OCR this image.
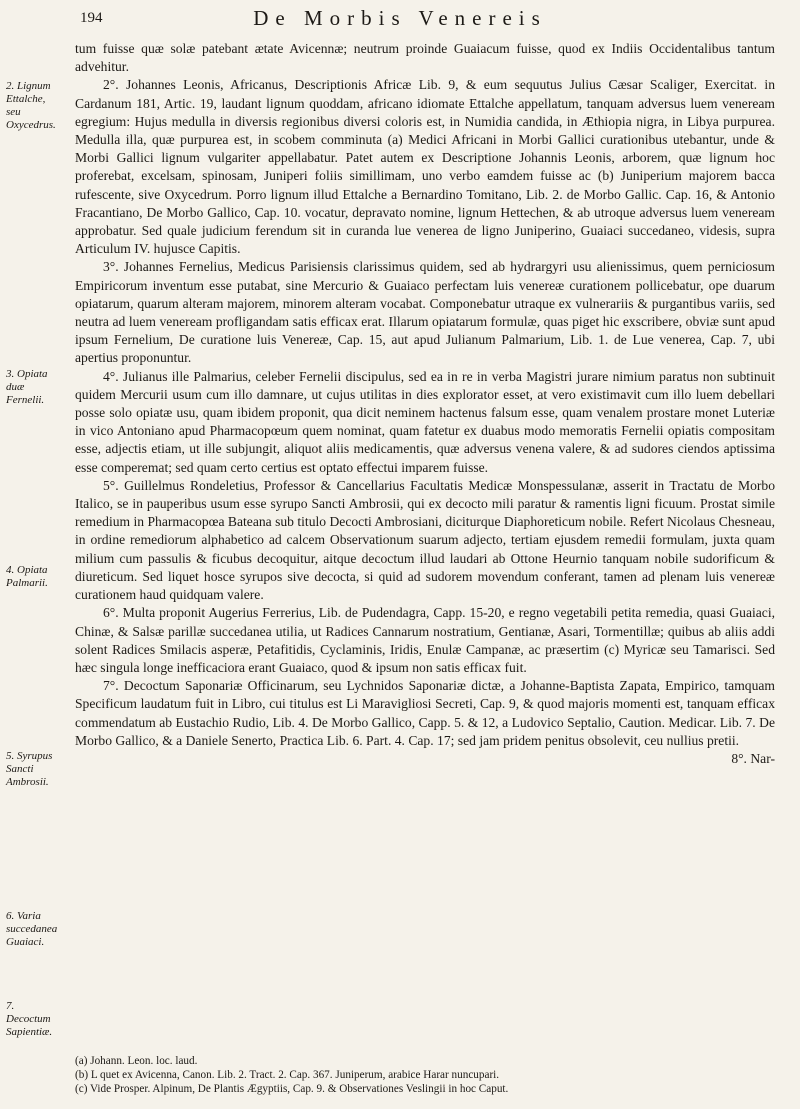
194	De Morbis Venereis
2. Lignum Ettalche, seu Oxycedrus.
3. Opiata duæ Fernelii.
4. Opiata Palmarii.
5. Syrupus Sancti Ambrosii.
6. Varia succedanea Guaiaci.
7. Decoctum Sapientiæ.

tum fuisse quæ solæ patebant ætate Avicennæ; neutrum proinde Guaiacum fuisse, quod ex Indiis Occidentalibus tantum advehitur.

2°. Johannes Leonis, Africanus, Descriptionis Africæ Lib. 9, & eum sequutus Julius Cæsar Scaliger, Exercitat. in Cardanum 181, Artic. 19, laudant lignum quoddam, africano idiomate Ettalche appellatum, tanquam adversus luem veneream egregium: Hujus medulla in diversis regionibus diversi coloris est, in Numidia candida, in Æthiopia nigra, in Libya purpurea. Medulla illa, quæ purpurea est, in scobem comminuta (a) Medici Africani in Morbi Gallici curationibus utebantur, unde & Morbi Gallici lignum vulgariter appellabatur. Patet autem ex Descriptione Johannis Leonis, arborem, quæ lignum hoc proferebat, excelsam, spinosam, Juniperi foliis simillimam, uno verbo eamdem fuisse ac (b) Juniperium majorem bacca rufescente, sive Oxycedrum. Porro lignum illud Ettalche a Bernardino Tomitano, Lib. 2. de Morbo Gallic. Cap. 16, & Antonio Fracantiano, De Morbo Gallico, Cap. 10. vocatur, depravato nomine, lignum Hettechen, & ab utroque adversus luem veneream approbatur. Sed quale judicium ferendum sit in curanda lue venerea de ligno Juniperino, Guaiaci succedaneo, videsis, supra Articulum IV. hujusce Capitis.

3°. Johannes Fernelius, Medicus Parisiensis clarissimus quidem, sed ab hydrargyri usu alienissimus, quem perniciosum Empiricorum inventum esse putabat, sine Mercurio & Guaiaco perfectam luis venereæ curationem pollicebatur, ope duarum opiatarum, quarum alteram majorem, minorem alteram vocabat. Componebatur utraque ex vulnerariis & purgantibus variis, sed neutra ad luem veneream profligandam satis efficax erat. Illarum opiatarum formulæ, quas piget hic exscribere, obviæ sunt apud ipsum Fernelium, De curatione luis Venereæ, Cap. 15, aut apud Julianum Palmarium, Lib. 1. de Lue venerea, Cap. 7, ubi apertius proponuntur.

4°. Julianus ille Palmarius, celeber Fernelii discipulus, sed ea in re in verba Magistri jurare nimium paratus non subtinuit quidem Mercurii usum cum illo damnare, ut cujus utilitas in dies explorator esset, at vero existimavit cum illo luem debellari posse solo opiatæ usu, quam ibidem proponit, qua dicit neminem hactenus falsum esse, quam venalem prostare monet Luteriæ in vico Antoniano apud Pharmacopœum quem nominat, quam fatetur ex duabus modo memoratis Fernelii opiatis compositam esse, adjectis etiam, ut ille subjungit, aliquot aliis medicamentis, quæ adversus venena valere, & ad sudores ciendos aptissima esse comperemat; sed quam certo certius est optato effectui imparem fuisse.

5°. Guillelmus Rondeletius, Professor & Cancellarius Facultatis Medicæ Monspessulanæ, asserit in Tractatu de Morbo Italico, se in pauperibus usum esse syrupo Sancti Ambrosii, qui ex decocto mili paratur & ramentis ligni ficuum. Prostat simile remedium in Pharmacopœa Bateana sub titulo Decocti Ambrosiani, diciturque Diaphoreticum nobile. Refert Nicolaus Chesneau, in ordine remediorum alphabetico ad calcem Observationum suarum adjecto, tertiam ejusdem remedii formulam, juxta quam milium cum passulis & ficubus decoquitur, aitque decoctum illud laudari ab Ottone Heurnio tanquam nobile sudorificum & diureticum. Sed liquet hosce syrupos sive decocta, si quid ad sudorem movendum conferant, tamen ad plenam luis venereæ curationem haud quidquam valere.

6°. Multa proponit Augerius Ferrerius, Lib. de Pudendagra, Capp. 15-20, e regno vegetabili petita remedia, quasi Guaiaci, Chinæ, & Salsæ parillæ succedanea utilia, ut Radices Cannarum nostratium, Gentianæ, Asari, Tormentillæ; quibus ab aliis addi solent Radices Smilacis asperæ, Petafitidis, Cyclaminis, Iridis, Enulæ Campanæ, ac præsertim (c) Myricæ seu Tamarisci. Sed hæc singula longe inefficaciora erant Guaiaco, quod & ipsum non satis efficax fuit.

7°. Decoctum Saponariæ Officinarum, seu Lychnidos Saponariæ dictæ, a Johanne-Baptista Zapata, Empirico, tamquam Specificum laudatum fuit in Libro, cui titulus est Li Maravigliosi Secreti, Cap. 9, & quod majoris momenti est, tanquam efficax commendatum ab Eustachio Rudio, Lib. 4. De Morbo Gallico, Capp. 5. & 12, a Ludovico Septalio, Caution. Medicar. Lib. 7. De Morbo Gallico, & a Daniele Senerto, Practica Lib. 6. Part. 4. Cap. 17; sed jam pridem penitus obsolevit, ceu nullius pretii.

8°. Nar-

(a) Johann. Leon. loc. laud.
(b) L quet ex Avicenna, Canon. Lib. 2. Tract. 2. Cap. 367. Juniperum, arabice Harar nuncupari.
(c) Vide Prosper. Alpinum, De Plantis Ægyptiis, Cap. 9. & Observationes Veslingii in hoc Caput.
